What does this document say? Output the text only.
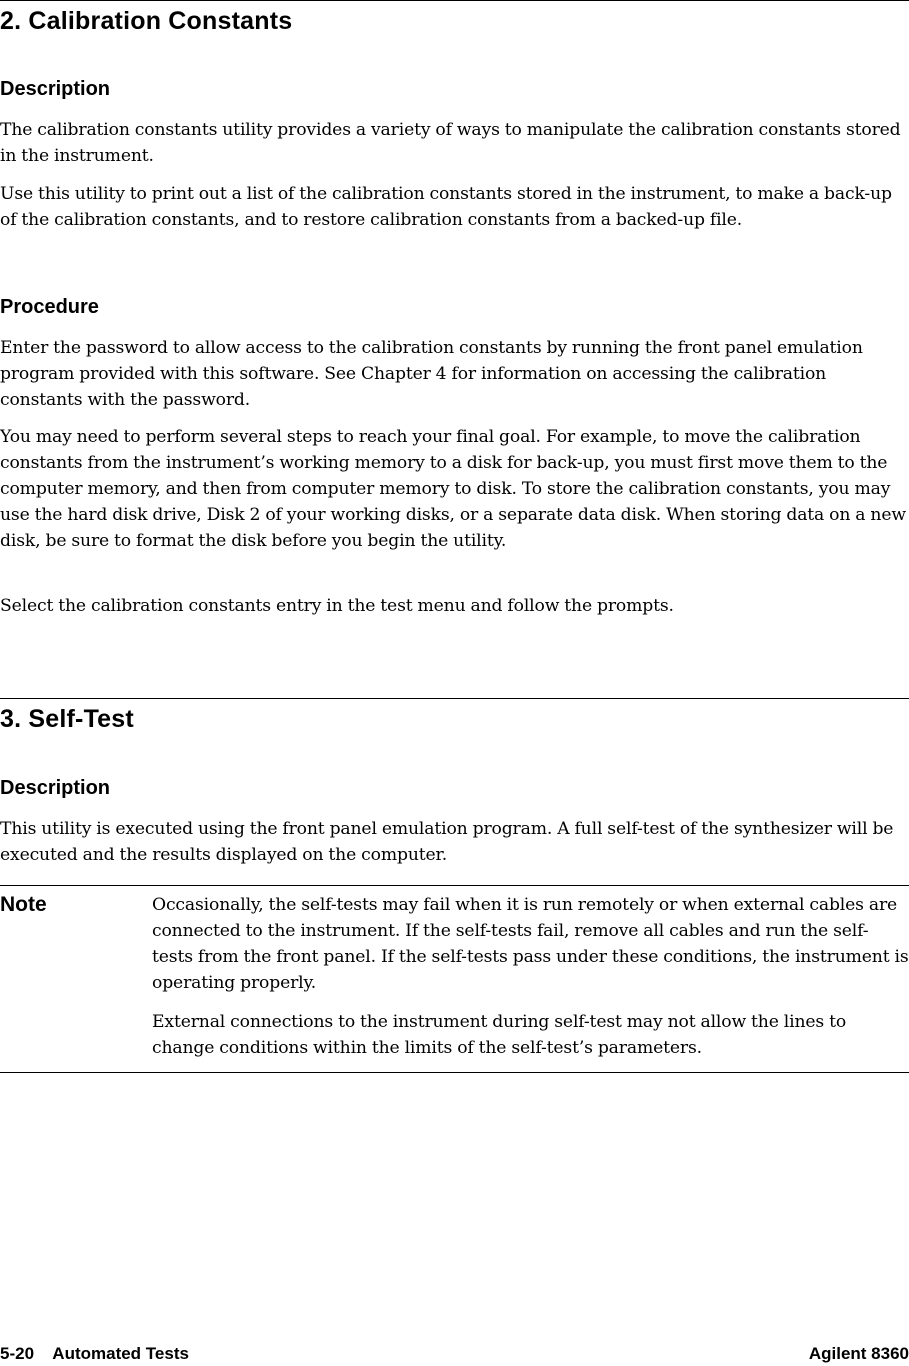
2. Calibration Constants
Description

The calibration constants utility provides a variety of ways to manipulate the calibration constants stored in the instrument.

Use this utility to print out a list of the calibration constants stored in the instrument, to make a back-up of the calibration constants, and to restore calibration constants from a backed-up file.

Procedure

Enter the password to allow access to the calibration constants by running the front panel emulation program provided with this software. See Chapter 4 for information on accessing the calibration constants with the password.

You may need to perform several steps to reach your final goal. For example, to move the calibration constants from the instrument’s working memory to a disk for back-up, you must first move them to the computer memory, and then from computer memory to disk. To store the calibration constants, you may use the hard disk drive, Disk 2 of your working disks, or a separate data disk. When storing data on a new disk, be sure to format the disk before you begin the utility.

Select the calibration constants entry in the test menu and follow the prompts.

3. Self-Test
Description

This utility is executed using the front panel emulation program. A full self-test of the synthesizer will be executed and the results displayed on the computer.

Note	Occasionally, the self-tests may fail when it is run remotely or when external cables are connected to the instrument. If the self-tests fail, remove all cables and run the self-tests from the front panel. If the self-tests pass under these conditions, the instrument is operating properly.

External connections to the instrument during self-test may not allow the lines to change conditions within the limits of the self-test’s parameters.

5-20    Automated Tests	Agilent 8360
